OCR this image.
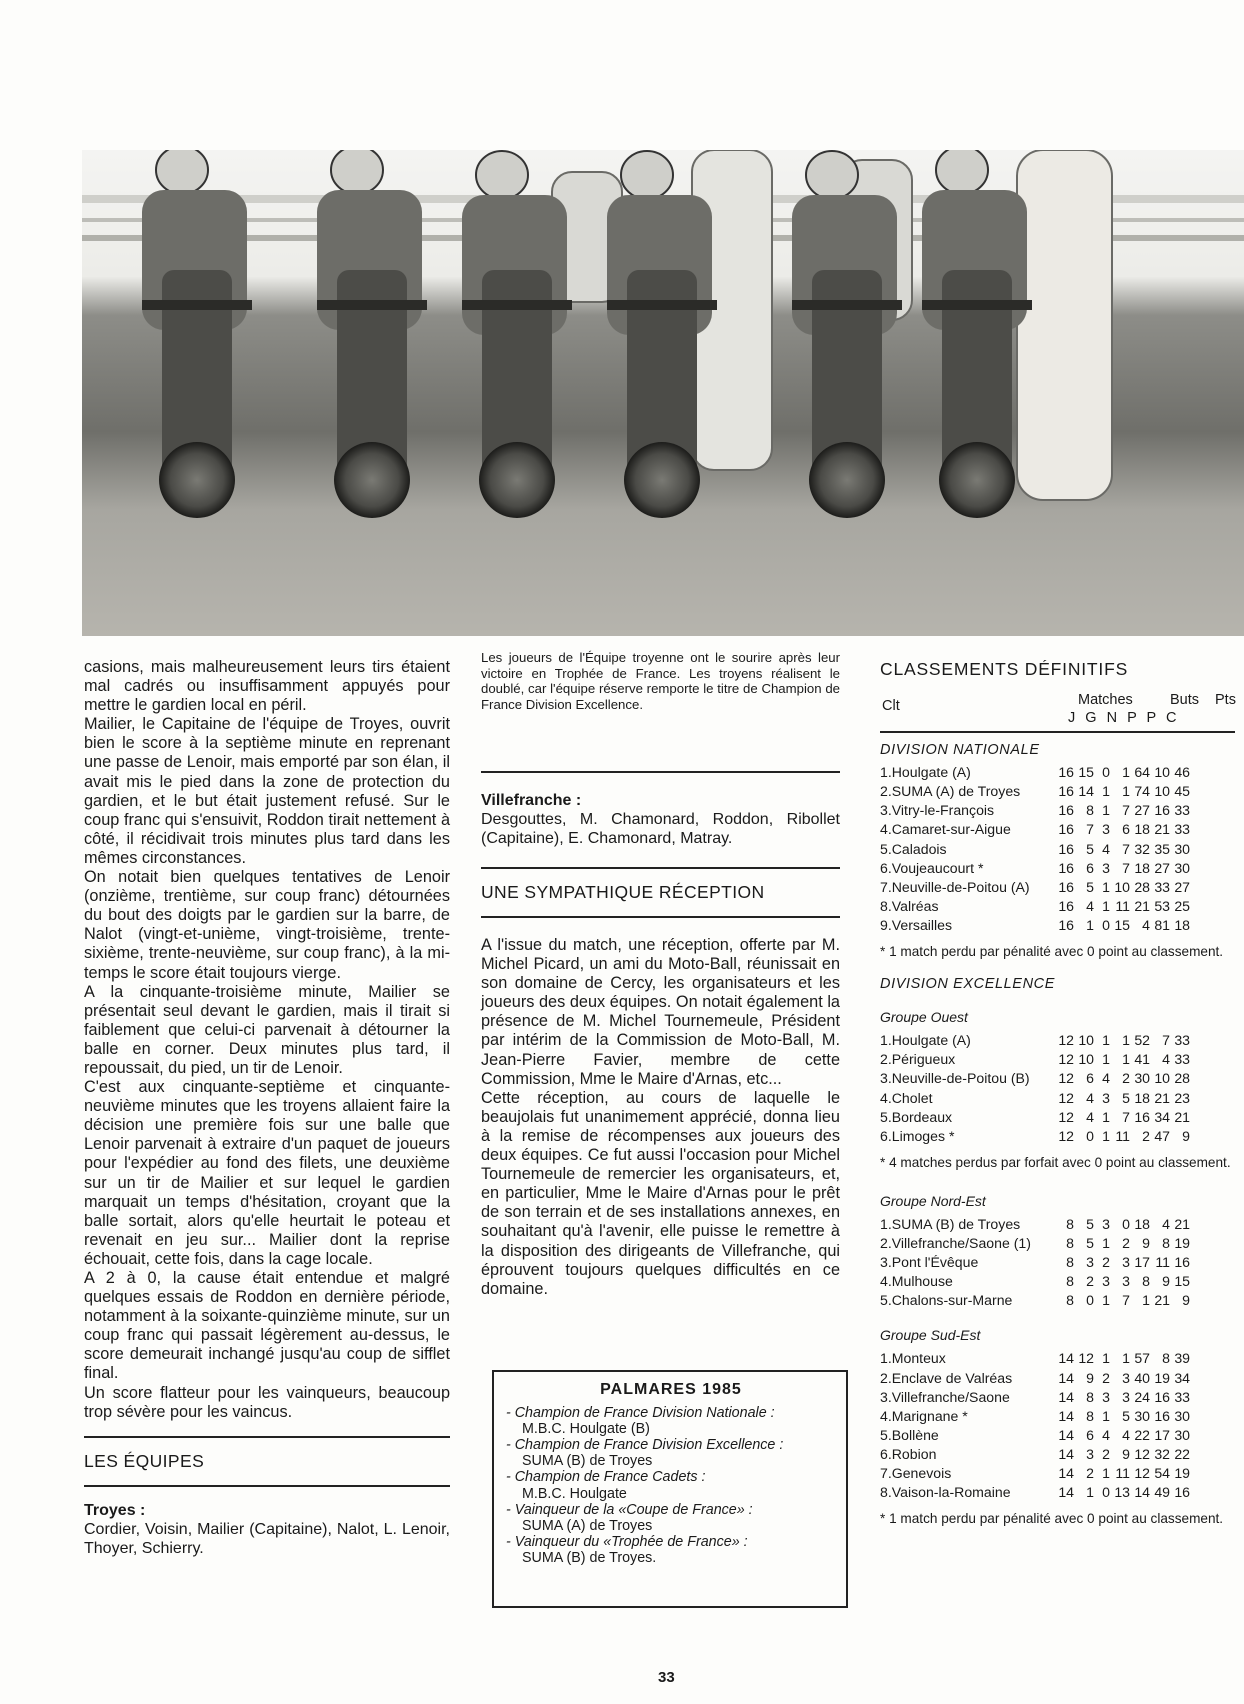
casions, mais malheureusement leurs tirs étaient mal cadrés ou insuffisamment appuyés pour mettre le gardien local en péril.

Mailier, le Capitaine de l'équipe de Troyes, ouvrit bien le score à la septième minute en reprenant une passe de Lenoir, mais emporté par son élan, il avait mis le pied dans la zone de protection du gardien, et le but était justement refusé. Sur le coup franc qui s'ensuivit, Roddon tirait nettement à côté, il récidivait trois minutes plus tard dans les mêmes circonstances.

On notait bien quelques tentatives de Lenoir (onzième, trentième, sur coup franc) détournées du bout des doigts par le gardien sur la barre, de Nalot (vingt-et-unième, vingt-troisième, trente-sixième, trente-neuvième, sur coup franc), à la mi-temps le score était toujours vierge.

A la cinquante-troisième minute, Mailier se présentait seul devant le gardien, mais il tirait si faiblement que celui-ci parvenait à détourner la balle en corner. Deux minutes plus tard, il repoussait, du pied, un tir de Lenoir.

C'est aux cinquante-septième et cinquante-neuvième minutes que les troyens allaient faire la décision une première fois sur une balle que Lenoir parvenait à extraire d'un paquet de joueurs pour l'expédier au fond des filets, une deuxième sur un tir de Mailier et sur lequel le gardien marquait un temps d'hésitation, croyant que la balle sortait, alors qu'elle heurtait le poteau et revenait en jeu sur... Mailier dont la reprise échouait, cette fois, dans la cage locale.

A 2 à 0, la cause était entendue et malgré quelques essais de Roddon en dernière période, notamment à la soixante-quinzième minute, sur un coup franc qui passait légèrement au-dessus, le score demeurait inchangé jusqu'au coup de sifflet final.

Un score flatteur pour les vainqueurs, beaucoup trop sévère pour les vaincus.

LES ÉQUIPES

Troyes :

Cordier, Voisin, Mailier (Capitaine), Nalot, L. Lenoir, Thoyer, Schierry.

Les joueurs de l'Équipe troyenne ont le sourire après leur victoire en Trophée de France. Les troyens réalisent le doublé, car l'équipe réserve remporte le titre de Champion de France Division Excellence.

Villefranche :

Desgouttes, M. Chamonard, Roddon, Ribollet (Capitaine), E. Chamonard, Matray.

UNE SYMPATHIQUE RÉCEPTION

A l'issue du match, une réception, offerte par M. Michel Picard, un ami du Moto-Ball, réunissait en son domaine de Cercy, les organisateurs et les joueurs des deux équipes. On notait également la présence de M. Michel Tournemeule, Président par intérim de la Commission de Moto-Ball, M. Jean-Pierre Favier, membre de cette Commission, Mme le Maire d'Arnas, etc...

Cette réception, au cours de laquelle le beaujolais fut unanimement apprécié, donna lieu à la remise de récompenses aux joueurs des deux équipes. Ce fut aussi l'occasion pour Michel Tournemeule de remercier les organisateurs, et, en particulier, Mme le Maire d'Arnas pour le prêt de son terrain et de ses installations annexes, en souhaitant qu'à l'avenir, elle puisse le remettre à la disposition des dirigeants de Villefranche, qui éprouvent toujours quelques difficultés en ce domaine.

PALMARES 1985
- Champion de France Division Nationale :
M.B.C. Houlgate (B)
- Champion de France Division Excellence :
SUMA (B) de Troyes
- Champion de France Cadets :
M.B.C. Houlgate
- Vainqueur de la «Coupe de France» :
SUMA (A) de Troyes
- Vainqueur du «Trophée de France» :
SUMA (B) de Troyes.

CLASSEMENTS DÉFINITIFS

Clt	Matches	Buts Pts
J G N P P C

DIVISION NATIONALE

1.Houlgate (A)	16	15	0	1	64	10	46
2.SUMA (A) de Troyes	16	14	1	1	74	10	45
3.Vitry-le-François	16	8	1	7	27	16	33
4.Camaret-sur-Aigue	16	7	3	6	18	21	33
5.Caladois	16	5	4	7	32	35	30
6.Voujeaucourt *	16	6	3	7	18	27	30
7.Neuville-de-Poitou (A)	16	5	1	10	28	33	27
8.Valréas	16	4	1	11	21	53	25
9.Versailles	16	1	0	15	4	81	18

* 1 match perdu par pénalité avec 0 point au classement.

DIVISION EXCELLENCE

Groupe Ouest

1.Houlgate (A)	12	10	1	1	52	7	33
2.Périgueux	12	10	1	1	41	4	33
3.Neuville-de-Poitou (B)	12	6	4	2	30	10	28
4.Cholet	12	4	3	5	18	21	23
5.Bordeaux	12	4	1	7	16	34	21
6.Limoges *	12	0	1	11	2	47	9

* 4 matches perdus par forfait avec 0 point au classement.

Groupe Nord-Est

1.SUMA (B) de Troyes	8	5	3	0	18	4	21
2.Villefranche/Saone (1)	8	5	1	2	9	8	19
3.Pont l'Évêque	8	3	2	3	17	11	16
4.Mulhouse	8	2	3	3	8	9	15
5.Chalons-sur-Marne	8	0	1	7	1	21	9

Groupe Sud-Est

1.Monteux	14	12	1	1	57	8	39
2.Enclave de Valréas	14	9	2	3	40	19	34
3.Villefranche/Saone	14	8	3	3	24	16	33
4.Marignane *	14	8	1	5	30	16	30
5.Bollène	14	6	4	4	22	17	30
6.Robion	14	3	2	9	12	32	22
7.Genevois	14	2	1	11	12	54	19
8.Vaison-la-Romaine	14	1	0	13	14	49	16

* 1 match perdu par pénalité avec 0 point au classement.

33
